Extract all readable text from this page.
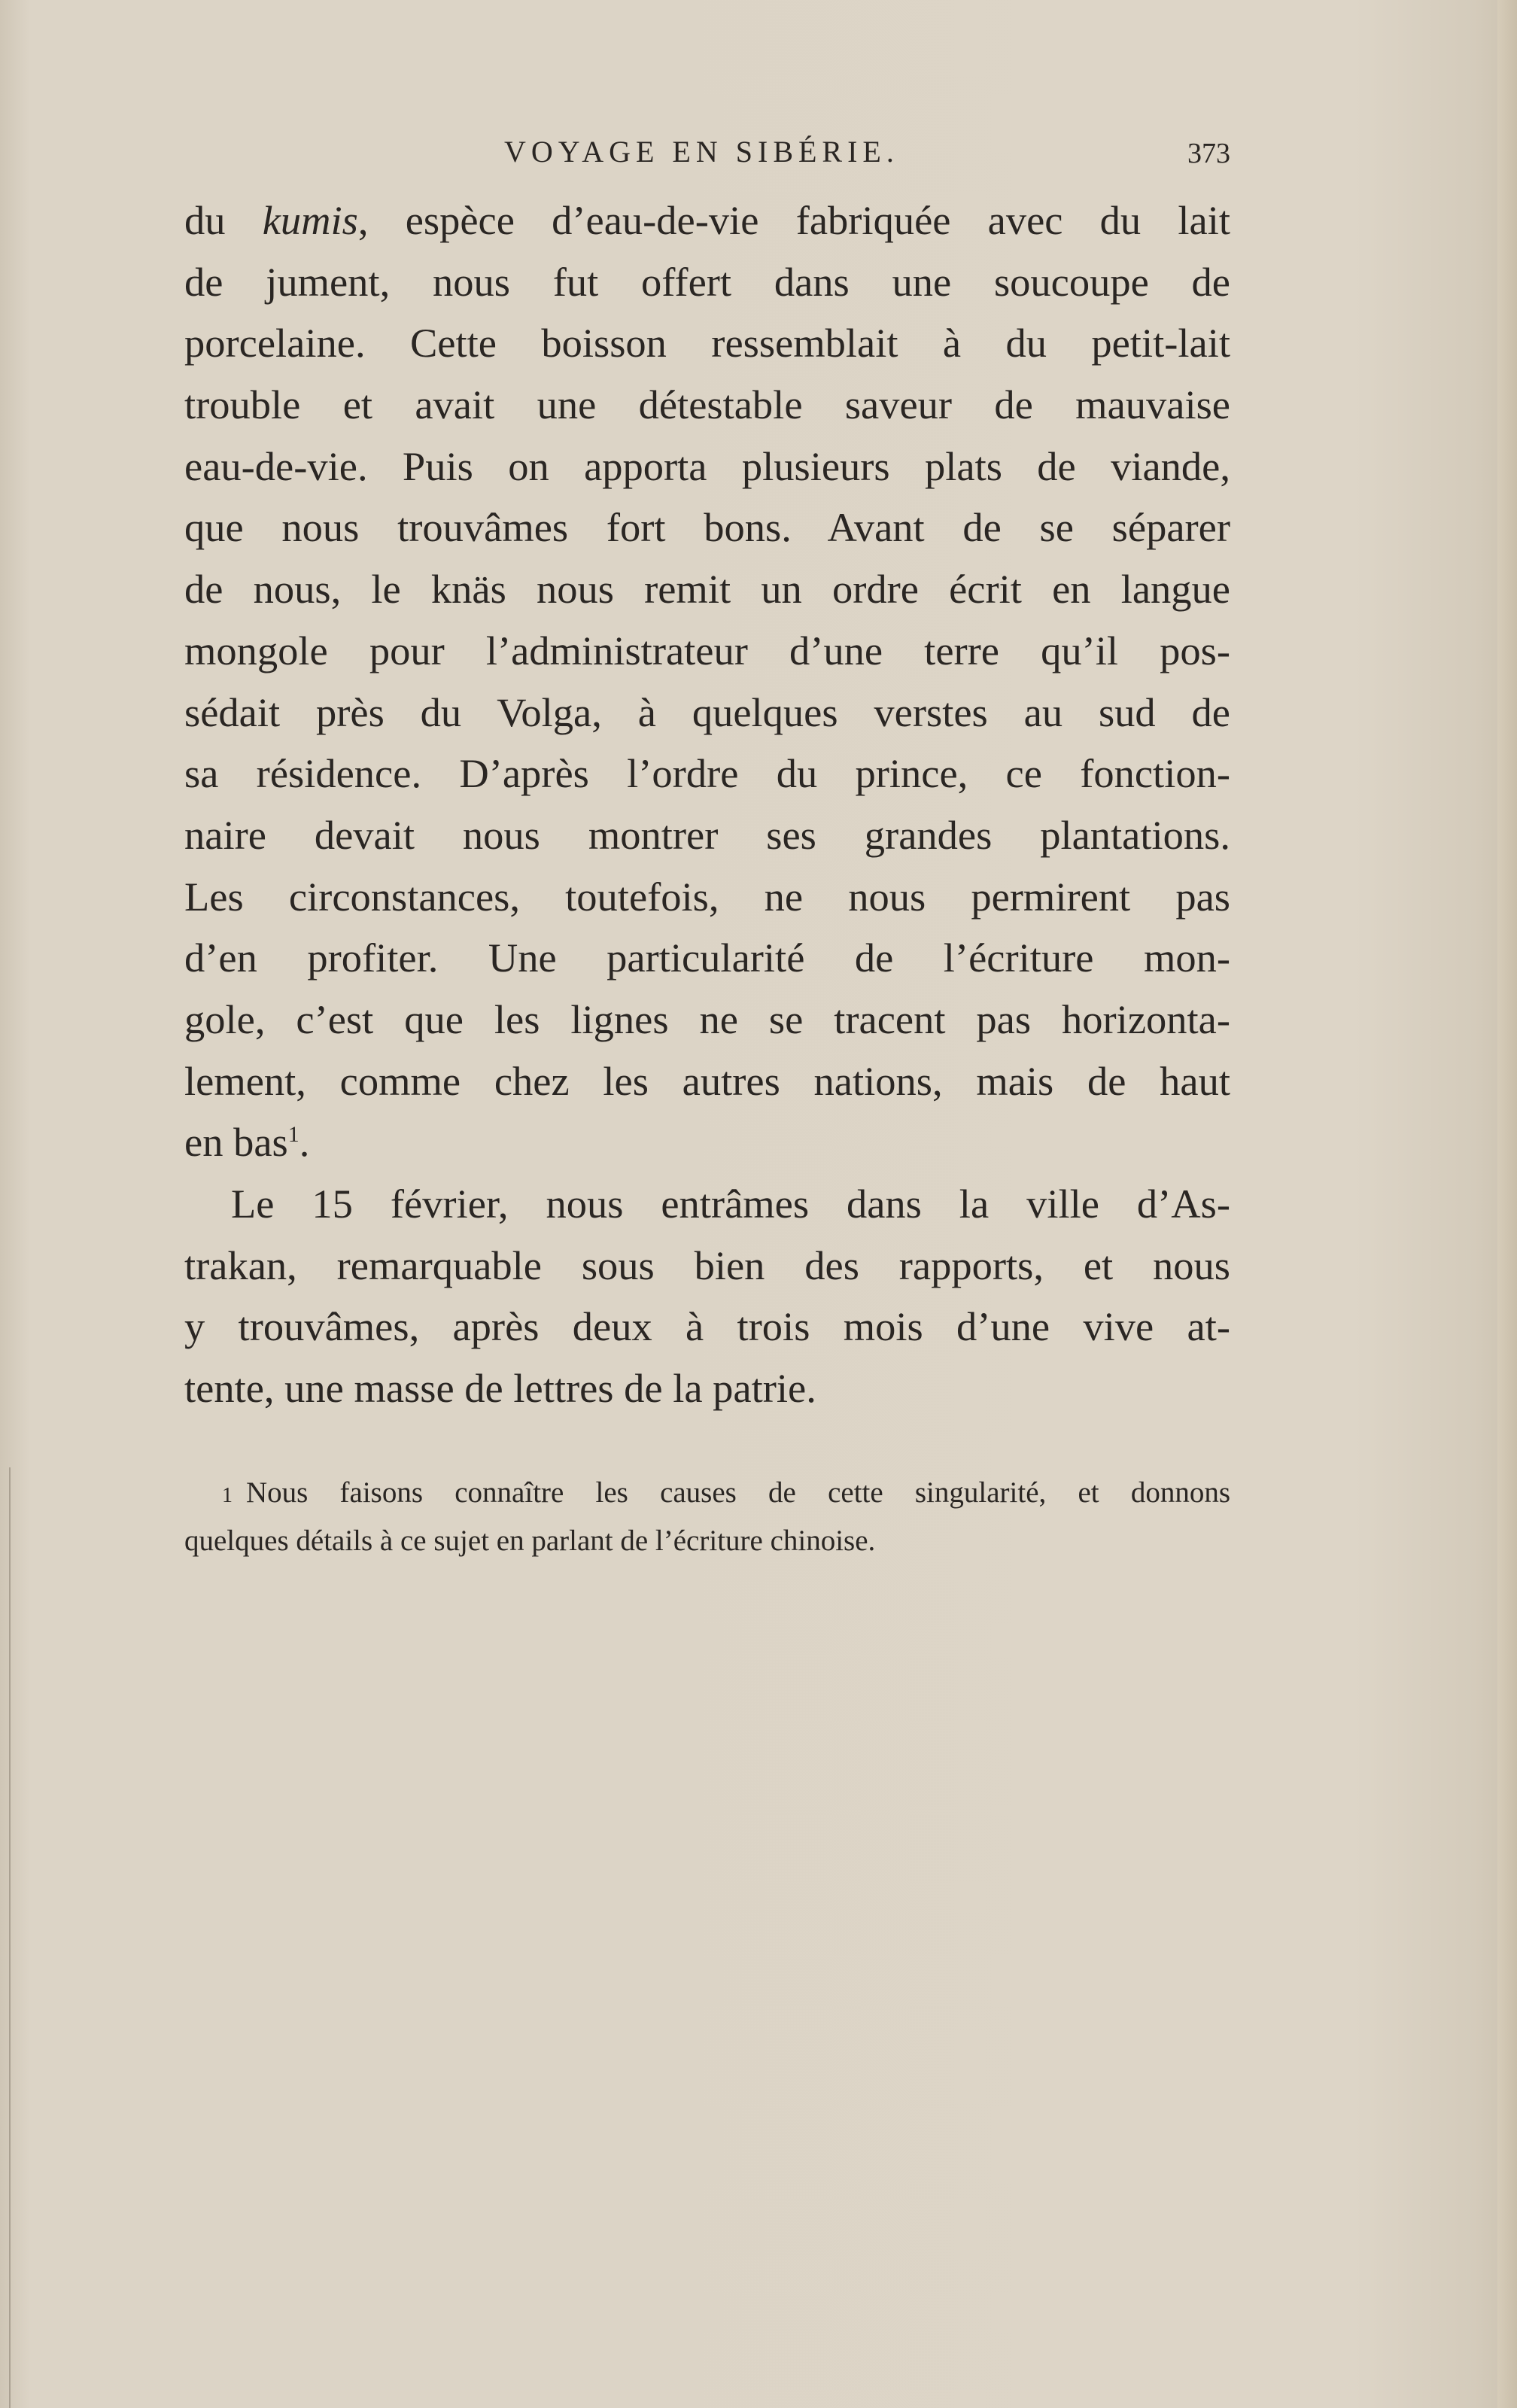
VOYAGE EN SIBÉRIE.	373
du kumis, espèce d’eau-de-vie fabriquée avec du lait
de jument, nous fut offert dans une soucoupe de
porcelaine. Cette boisson ressemblait à du petit-lait
trouble et avait une détestable saveur de mauvaise
eau-de-vie. Puis on apporta plusieurs plats de viande,
que nous trouvâmes fort bons. Avant de se séparer
de nous, le knäs nous remit un ordre écrit en langue
mongole pour l’administrateur d’une terre qu’il pos-
sédait près du Volga, à quelques verstes au sud de
sa résidence. D’après l’ordre du prince, ce fonction-
naire devait nous montrer ses grandes plantations.
Les circonstances, toutefois, ne nous permirent pas
d’en profiter. Une particularité de l’écriture mon-
gole, c’est que les lignes ne se tracent pas horizonta-
lement, comme chez les autres nations, mais de haut
en bas$^1$.
Le 15 février, nous entrâmes dans la ville d’As-
trakan, remarquable sous bien des rapports, et nous
y trouvâmes, après deux à trois mois d’une vive at-
tente, une masse de lettres de la patrie.
$^1$ Nous faisons connaître les causes de cette singularité, et donnons
quelques détails à ce sujet en parlant de l’écriture chinoise.
